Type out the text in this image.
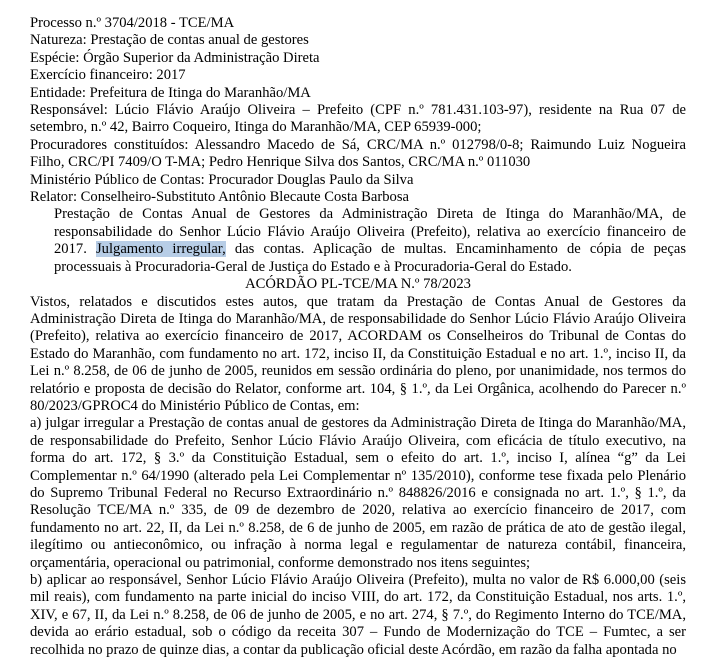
Processo n.º 3704/2018 - TCE/MA
Natureza: Prestação de contas anual de gestores
Espécie: Órgão Superior da Administração Direta
Exercício financeiro: 2017
Entidade: Prefeitura de Itinga do Maranhão/MA
Responsável: Lúcio Flávio Araújo Oliveira – Prefeito (CPF n.º 781.431.103-97), residente na Rua 07 de setembro, n.º 42, Bairro Coqueiro, Itinga do Maranhão/MA, CEP 65939-000;
Procuradores constituídos: Alessandro Macedo de Sá, CRC/MA n.º 012798/0-8; Raimundo Luiz Nogueira Filho, CRC/PI 7409/O T-MA; Pedro Henrique Silva dos Santos, CRC/MA n.º 011030
Ministério Público de Contas: Procurador Douglas Paulo da Silva
Relator: Conselheiro-Substituto Antônio Blecaute Costa Barbosa
Prestação de Contas Anual de Gestores da Administração Direta de Itinga do Maranhão/MA, de responsabilidade do Senhor Lúcio Flávio Araújo Oliveira (Prefeito), relativa ao exercício financeiro de 2017. Julgamento irregular, das contas. Aplicação de multas. Encaminhamento de cópia de peças processuais à Procuradoria-Geral de Justiça do Estado e à Procuradoria-Geral do Estado.
ACÓRDÃO PL-TCE/MA N.º 78/2023
Vistos, relatados e discutidos estes autos, que tratam da Prestação de Contas Anual de Gestores da Administração Direta de Itinga do Maranhão/MA, de responsabilidade do Senhor Lúcio Flávio Araújo Oliveira (Prefeito), relativa ao exercício financeiro de 2017, ACORDAM os Conselheiros do Tribunal de Contas do Estado do Maranhão, com fundamento no art. 172, inciso II, da Constituição Estadual e no art. 1.º, inciso II, da Lei n.º 8.258, de 06 de junho de 2005, reunidos em sessão ordinária do pleno, por unanimidade, nos termos do relatório e proposta de decisão do Relator, conforme art. 104, § 1.º, da Lei Orgânica, acolhendo do Parecer n.º 80/2023/GPROC4 do Ministério Público de Contas, em:
a) julgar irregular a Prestação de contas anual de gestores da Administração Direta de Itinga do Maranhão/MA, de responsabilidade do Prefeito, Senhor Lúcio Flávio Araújo Oliveira, com eficácia de título executivo, na forma do art. 172, § 3.º da Constituição Estadual, sem o efeito do art. 1.º, inciso I, alínea “g” da Lei Complementar n.º 64/1990 (alterado pela Lei Complementar nº 135/2010), conforme tese fixada pelo Plenário do Supremo Tribunal Federal no Recurso Extraordinário n.º 848826/2016 e consignada no art. 1.º, § 1.º, da Resolução TCE/MA n.º 335, de 09 de dezembro de 2020, relativa ao exercício financeiro de 2017, com fundamento no art. 22, II, da Lei n.º 8.258, de 6 de junho de 2005, em razão de prática de ato de gestão ilegal, ilegítimo ou antieconômico, ou infração à norma legal e regulamentar de natureza contábil, financeira, orçamentária, operacional ou patrimonial, conforme demonstrado nos itens seguintes;
b) aplicar ao responsável, Senhor Lúcio Flávio Araújo Oliveira (Prefeito), multa no valor de R$ 6.000,00 (seis mil reais), com fundamento na parte inicial do inciso VIII, do art. 172, da Constituição Estadual, nos arts. 1.º, XIV, e 67, II, da Lei n.º 8.258, de 06 de junho de 2005, e no art. 274, § 7.º, do Regimento Interno do TCE/MA, devida ao erário estadual, sob o código da receita 307 – Fundo de Modernização do TCE – Fumtec, a ser recolhida no prazo de quinze dias, a contar da publicação oficial deste Acórdão, em razão da falha apontada no
